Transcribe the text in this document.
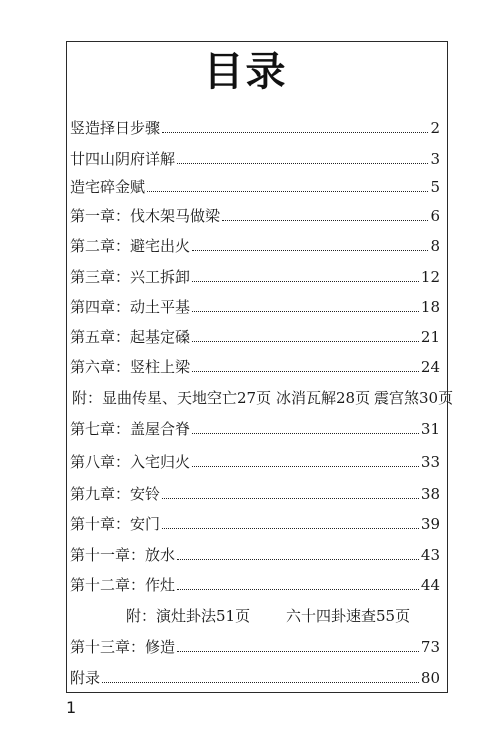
目录
竖造择日步骤	2
廿四山阴府详解	3
造宅碎金赋	5
第一章：伐木架马做梁	6
第二章：避宅出火	8
第三章：兴工拆卸	12
第四章：动土平基	18
第五章：起基定磉	21
第六章：竖柱上梁	24
附：显曲传星、天地空亡27页 冰消瓦解28页 震宫煞30页
第七章：盖屋合脊	31
第八章：入宅归火	33
第九章：安铃	38
第十章：安门	39
第十一章：放水	43
第十二章：作灶	44
附：演灶卦法51页 六十四卦速查55页
第十三章：修造	73
附录	80
1
